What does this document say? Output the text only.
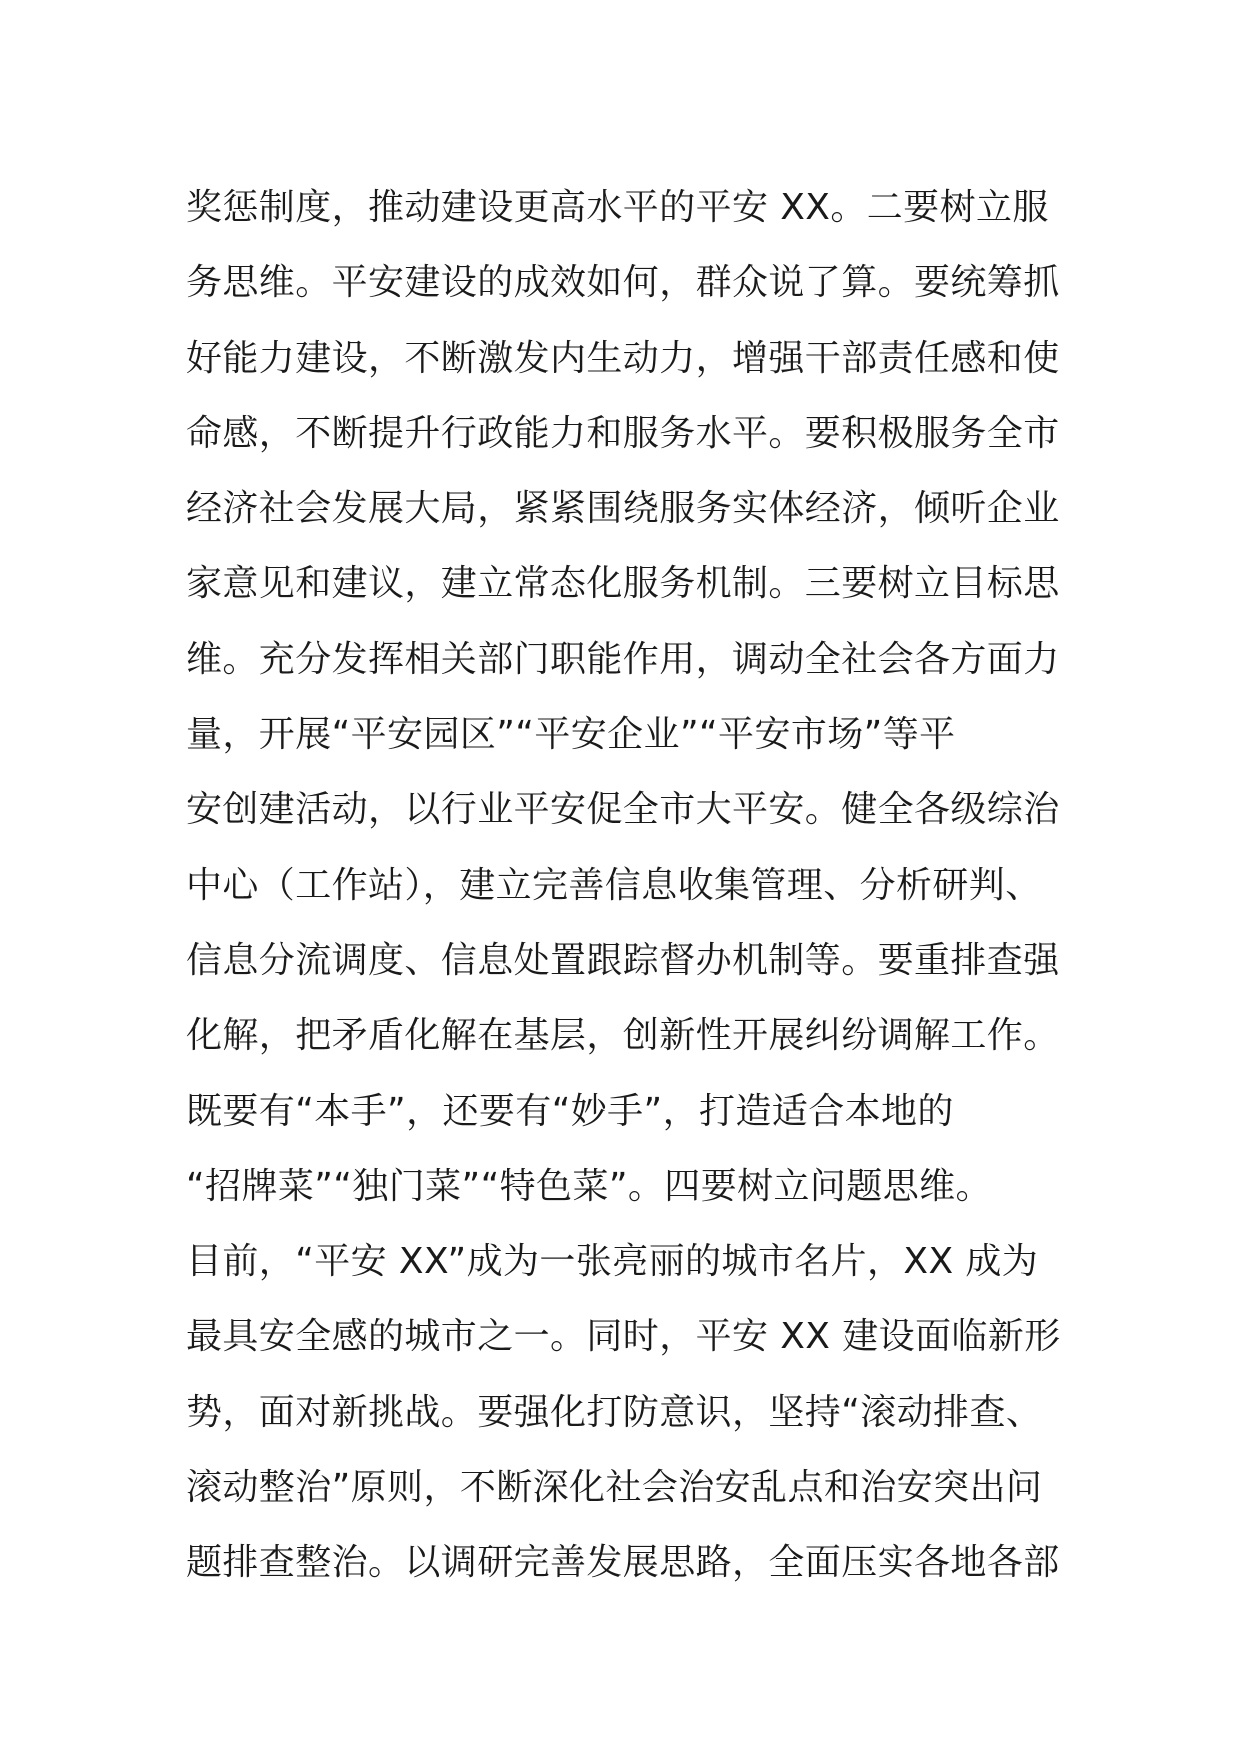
奖惩制度，推动建设更高水平的平安 XX。二要树立服
务思维。平安建设的成效如何，群众说了算。要统筹抓
好能力建设，不断激发内生动力，增强干部责任感和使
命感，不断提升行政能力和服务水平。要积极服务全市
经济社会发展大局，紧紧围绕服务实体经济，倾听企业
家意见和建议，建立常态化服务机制。三要树立目标思
维。充分发挥相关部门职能作用，调动全社会各方面力
量，开展“平安园区”“平安企业”“平安市场”等平
安创建活动，以行业平安促全市大平安。健全各级综治
中心（工作站），建立完善信息收集管理、分析研判、
信息分流调度、信息处置跟踪督办机制等。要重排查强
化解，把矛盾化解在基层，创新性开展纠纷调解工作。
既要有“本手”，还要有“妙手”，打造适合本地的
“招牌菜”“独门菜”“特色菜”。四要树立问题思维。
目前，“平安 XX”成为一张亮丽的城市名片，XX 成为
最具安全感的城市之一。同时，平安 XX 建设面临新形
势，面对新挑战。要强化打防意识，坚持“滚动排查、
滚动整治”原则，不断深化社会治安乱点和治安突出问
题排查整治。以调研完善发展思路，全面压实各地各部
